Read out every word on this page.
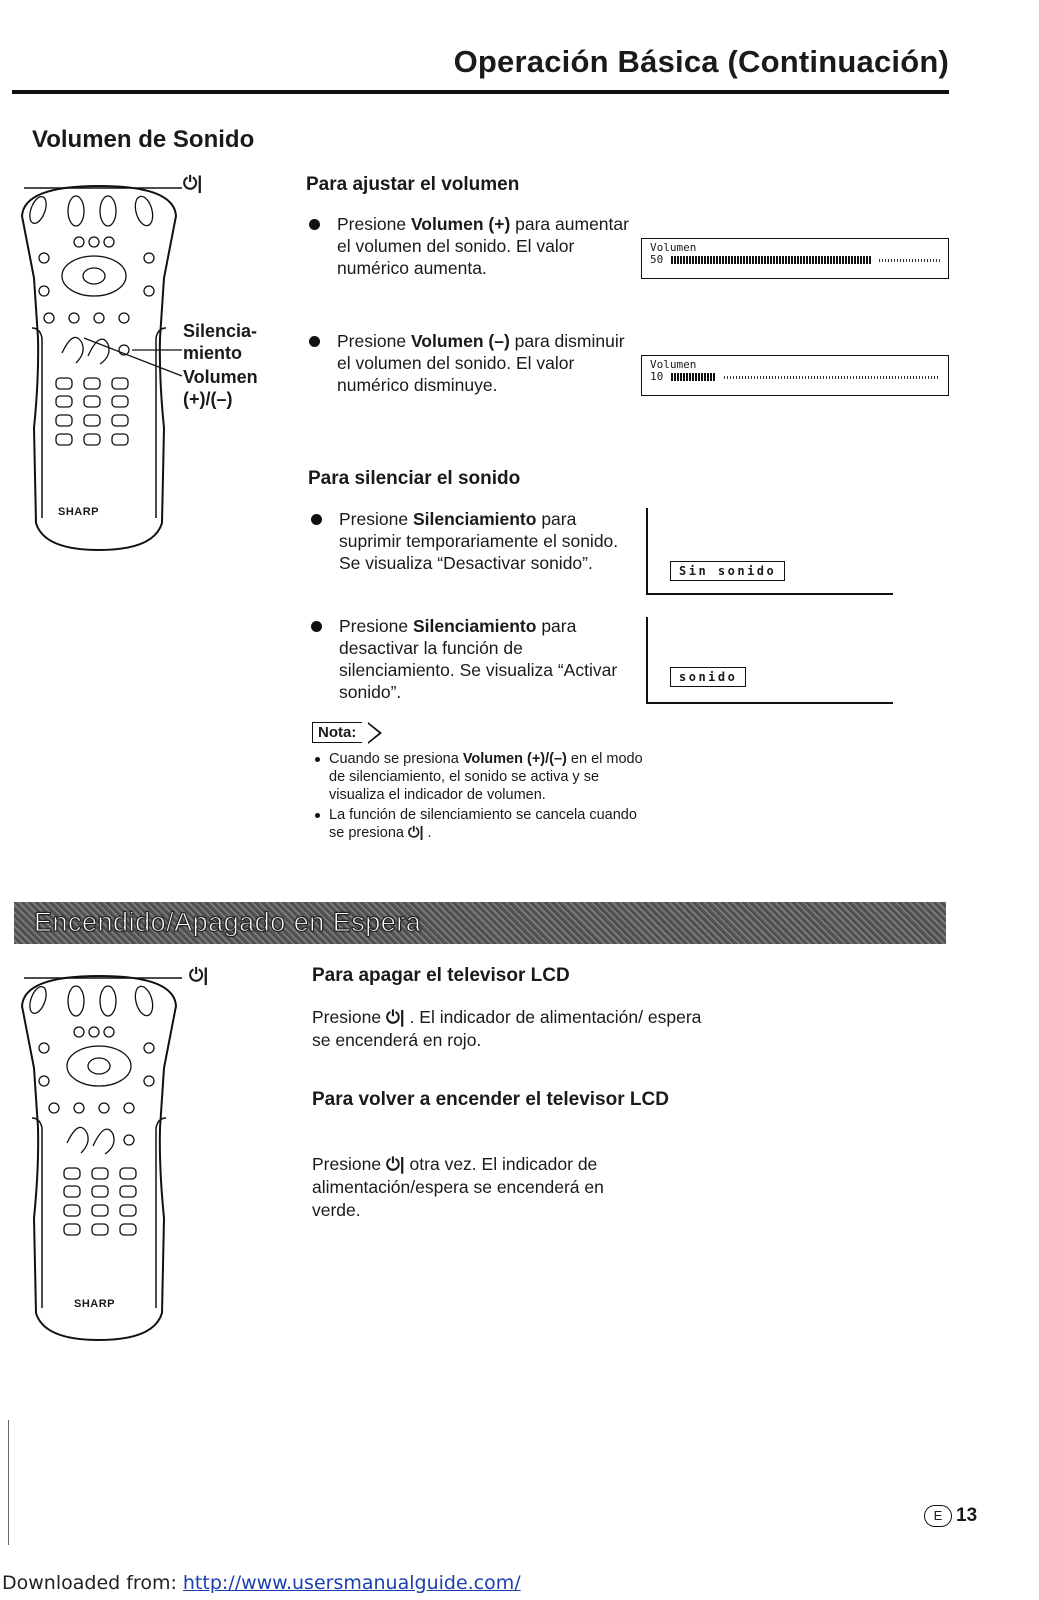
Operación Básica (Continuación)
Volumen de Sonido
SHARP
⏻|
Silencia-
miento
Volumen
(+)/(–)
Para ajustar el volumen
Presione Volumen (+) para aumentar el volumen del sonido. El valor numérico aumenta.
Volumen
50
Presione Volumen (–) para disminuir el volumen del sonido. El valor numérico disminuye.
Volumen
10
Para silenciar el sonido
Presione Silenciamiento para suprimir temporariamente el sonido. Se visualiza “Desactivar sonido”.	Sin sonido
Presione Silenciamiento para desactivar la función de silenciamiento. Se visualiza “Activar sonido”.
sonido
Nota:
Cuando se presiona Volumen (+)/(–) en el modo de silenciamiento, el sonido se activa y se visualiza el indicador de volumen.
La función de silenciamiento se cancela cuando se presiona ⏻| .
Encendido/Apagado en Espera
SHARP
⏻|	Para apagar el televisor LCD
Presione ⏻| . El indicador de alimentación/ espera se encenderá en rojo.
Para volver a encender el televisor LCD
Presione ⏻| otra vez. El indicador de alimentación/espera se encenderá en verde.
E 13
Downloaded from: http://www.usersmanualguide.com/
